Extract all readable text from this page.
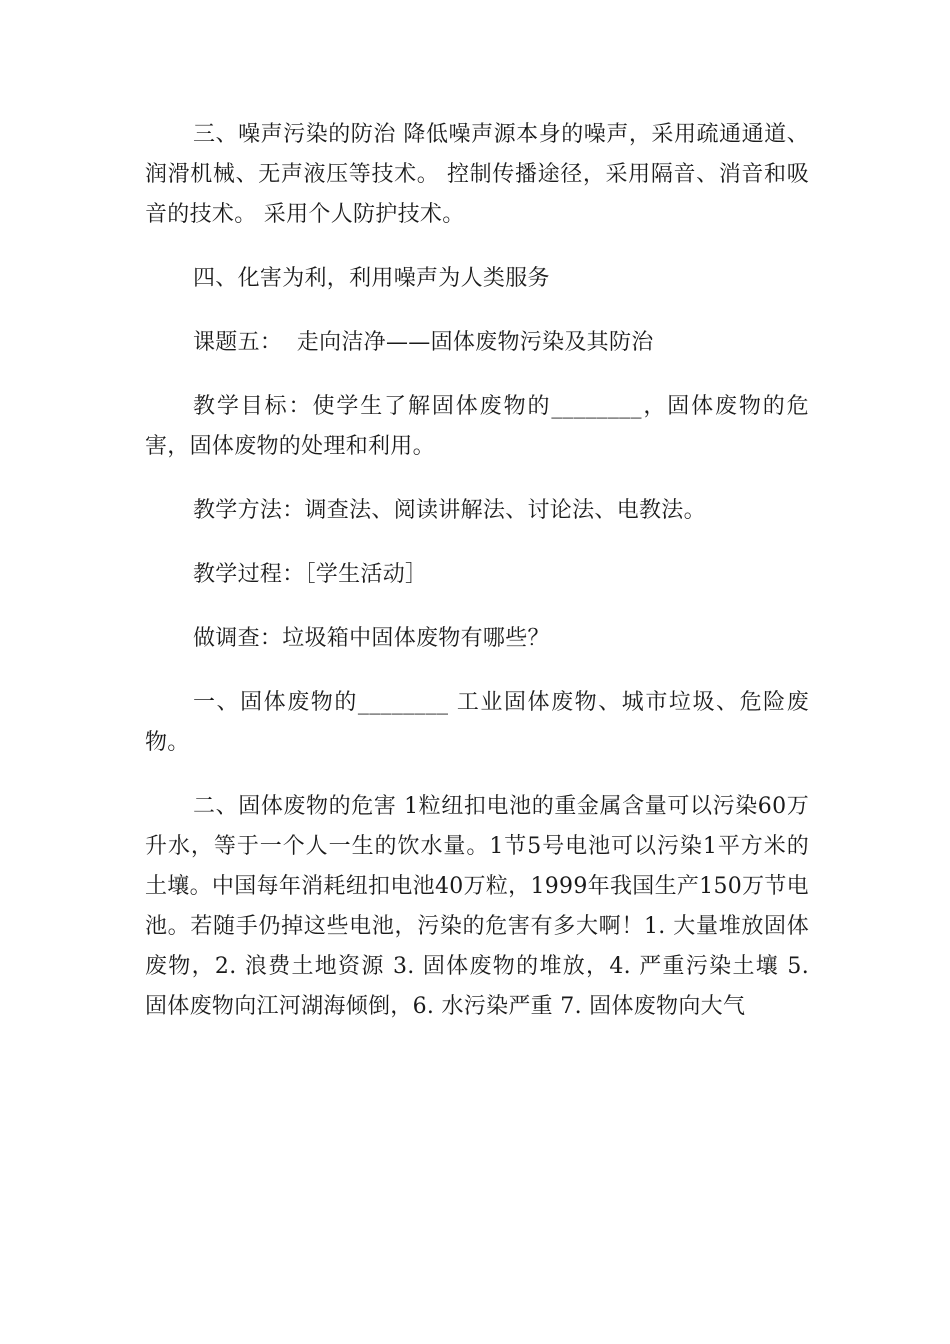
三、噪声污染的防治 降低噪声源本身的噪声，采用疏通通道、润滑机械、无声液压等技术。 控制传播途径，采用隔音、消音和吸音的技术。 采用个人防护技术。

四、化害为利，利用噪声为人类服务

课题五：  走向洁净——固体废物污染及其防治

教学目标：使学生了解固体废物的________，固体废物的危害，固体废物的处理和利用。

教学方法：调查法、阅读讲解法、讨论法、电教法。

教学过程：［学生活动］

做调查：垃圾箱中固体废物有哪些？

一、固体废物的________ 工业固体废物、城市垃圾、危险废物。

二、固体废物的危害 1粒纽扣电池的重金属含量可以污染60万升水，等于一个人一生的饮水量。1节5号电池可以污染1平方米的土壤。中国每年消耗纽扣电池40万粒，1999年我国生产150万节电池。若随手仍掉这些电池，污染的危害有多大啊！1. 大量堆放固体废物，2. 浪费土地资源 3. 固体废物的堆放，4. 严重污染土壤 5. 固体废物向江河湖海倾倒，6. 水污染严重 7. 固体废物向大气
